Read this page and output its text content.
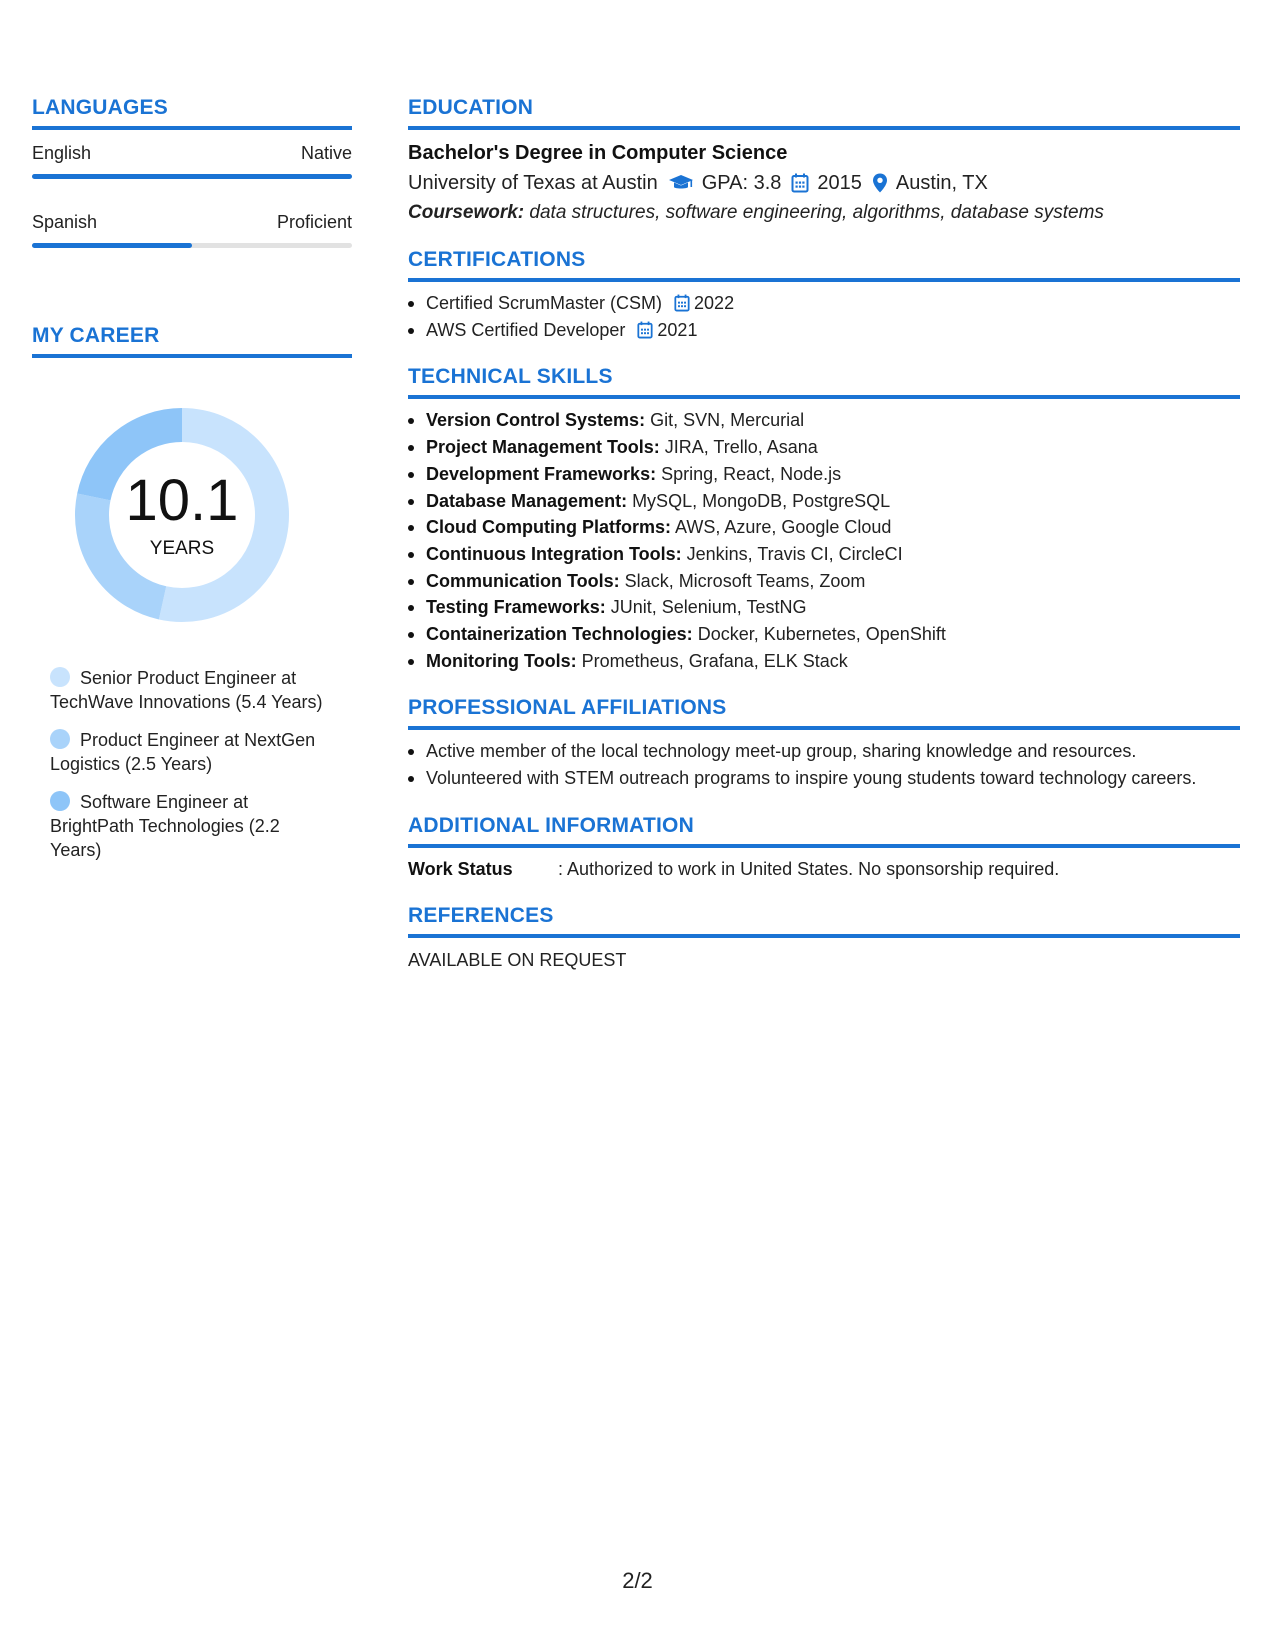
LANGUAGES
English	Native
Spanish	Proficient
MY CAREER
10.1
YEARS
Senior Product Engineer at TechWave Innovations (5.4 Years)
Product Engineer at NextGen Logistics (2.5 Years)
Software Engineer at BrightPath Technologies (2.2 Years)
EDUCATION
Bachelor's Degree in Computer Science
University of Texas at Austin GPA: 3.8 2015 Austin, TX
Coursework: data structures, software engineering, algorithms, database systems
CERTIFICATIONS
Certified ScrumMaster (CSM) 2022
AWS Certified Developer 2021
TECHNICAL SKILLS
Version Control Systems: Git, SVN, Mercurial
Project Management Tools: JIRA, Trello, Asana
Development Frameworks: Spring, React, Node.js
Database Management: MySQL, MongoDB, PostgreSQL
Cloud Computing Platforms: AWS, Azure, Google Cloud
Continuous Integration Tools: Jenkins, Travis CI, CircleCI
Communication Tools: Slack, Microsoft Teams, Zoom
Testing Frameworks: JUnit, Selenium, TestNG
Containerization Technologies: Docker, Kubernetes, OpenShift
Monitoring Tools: Prometheus, Grafana, ELK Stack
PROFESSIONAL AFFILIATIONS
Active member of the local technology meet-up group, sharing knowledge and resources.
Volunteered with STEM outreach programs to inspire young students toward technology careers.
ADDITIONAL INFORMATION
Work Status	: Authorized to work in United States. No sponsorship required.
REFERENCES
AVAILABLE ON REQUEST
2/2
